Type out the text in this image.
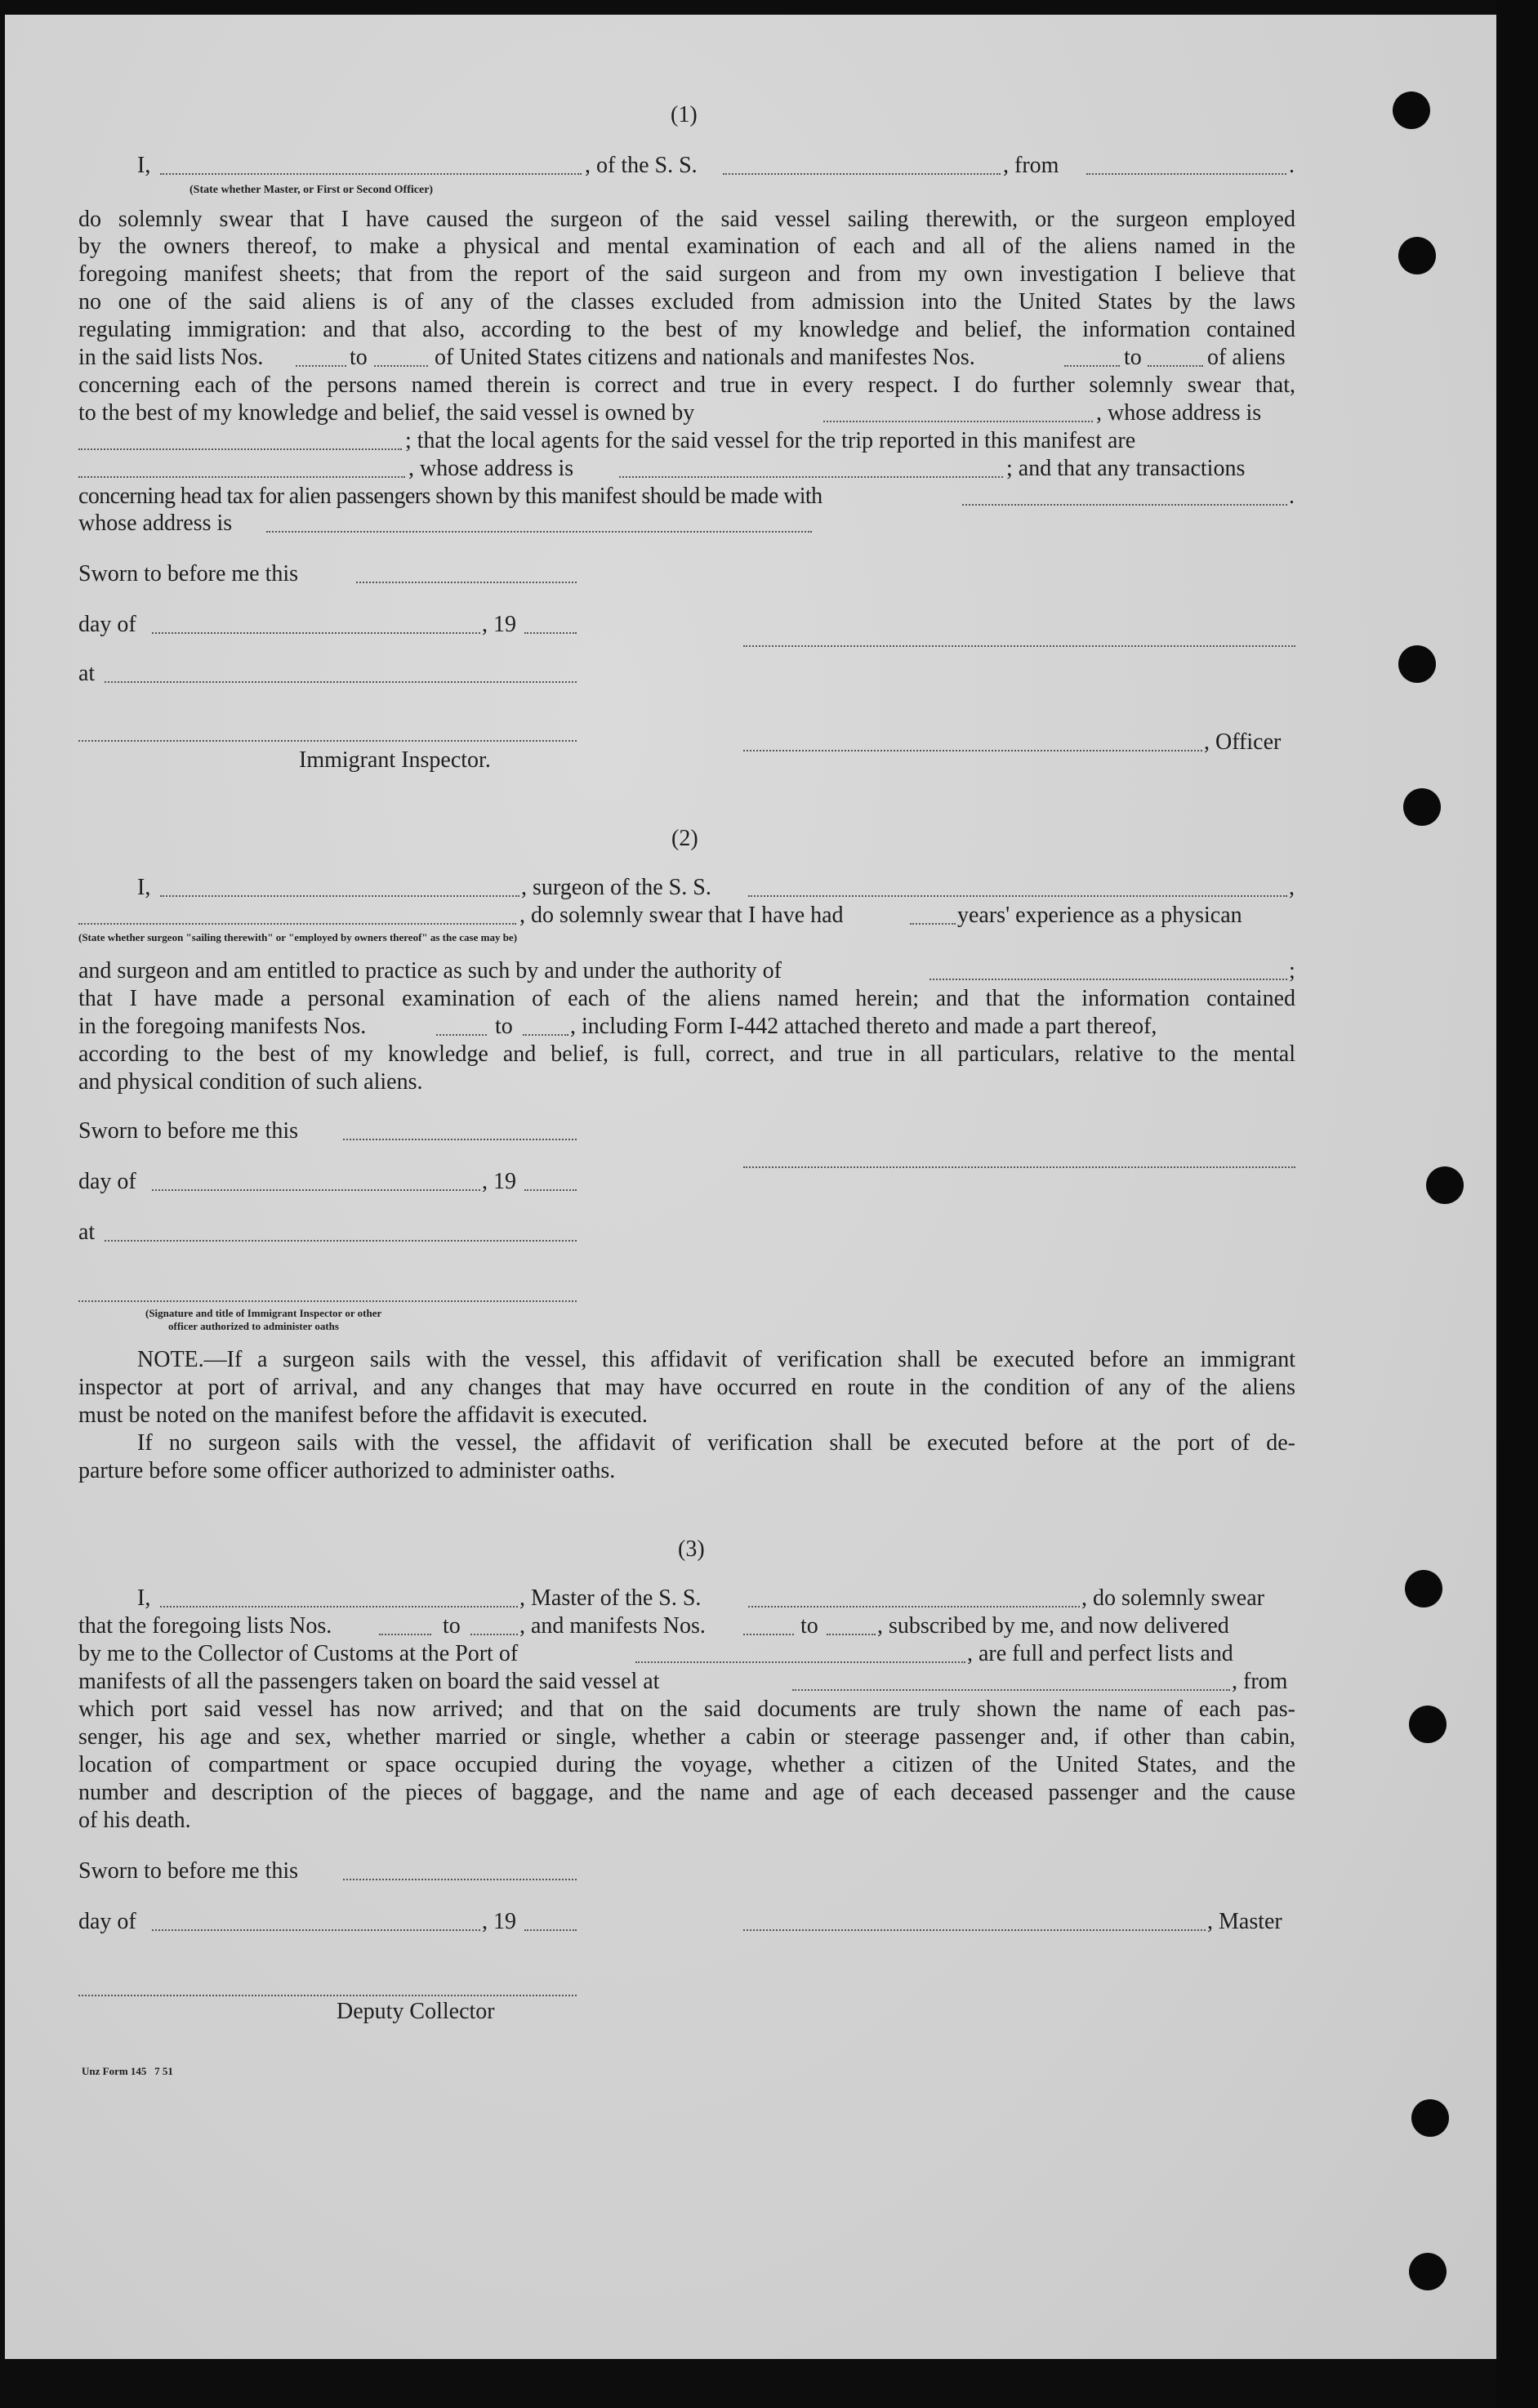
(1)
I,	, of the S. S.	, from	.
(State whether Master, or First or Second Officer)
do solemnly swear that I have caused the surgeon of the said vessel sailing therewith, or the surgeon employed
by the owners thereof, to make a physical and mental examination of each and all of the aliens named in the
foregoing manifest sheets; that from the report of the said surgeon and from my own investigation I believe that
no one of the said aliens is of any of the classes excluded from admission into the United States by the laws
regulating immigration: and that also, according to the best of my knowledge and belief, the information contained
in the said lists Nos.	to	of United States citizens and nationals and manifestes Nos.	to	of aliens
concerning each of the persons named therein is correct and true in every respect. I do further solemnly swear that,
to the best of my knowledge and belief, the said vessel is owned by	, whose address is
; that the local agents for the said vessel for the trip reported in this manifest are
, whose address is	; and that any transactions
concerning head tax for alien passengers shown by this manifest should be made with	.
whose address is
Sworn to before me this
day of	, 19
at
, Officer
Immigrant Inspector.
(2)
I,	, surgeon of the S. S.	,
, do solemnly swear that I have had	years' experience as a physican
(State whether surgeon "sailing therewith" or "employed by owners thereof" as the case may be)
and surgeon and am entitled to practice as such by and under the authority of	;
that I have made a personal examination of each of the aliens named herein; and that the information contained
in the foregoing manifests Nos.	to	, including Form I-442 attached thereto and made a part thereof,
according to the best of my knowledge and belief, is full, correct, and true in all particulars, relative to the mental
and physical condition of such aliens.
Sworn to before me this
day of	, 19
at
(Signature and title of Immigrant Inspector or other
officer authorized to administer oaths
NOTE.—If a surgeon sails with the vessel, this affidavit of verification shall be executed before an immigrant
inspector at port of arrival, and any changes that may have occurred en route in the condition of any of the aliens
must be noted on the manifest before the affidavit is executed.
If no surgeon sails with the vessel, the affidavit of verification shall be executed before at the port of de-
parture before some officer authorized to administer oaths.
(3)
I,	, Master of the S. S.	, do solemnly swear
that the foregoing lists Nos.	to	, and manifests Nos.	to	, subscribed by me, and now delivered
by me to the Collector of Customs at the Port of	, are full and perfect lists and
manifests of all the passengers taken on board the said vessel at	, from
which port said vessel has now arrived; and that on the said documents are truly shown the name of each pas-
senger, his age and sex, whether married or single, whether a cabin or steerage passenger and, if other than cabin,
location of compartment or space occupied during the voyage, whether a citizen of the United States, and the
number and description of the pieces of baggage, and the name and age of each deceased passenger and the cause
of his death.
Sworn to before me this
day of	, 19	, Master
Deputy Collector
Unz Form 145   7 51
